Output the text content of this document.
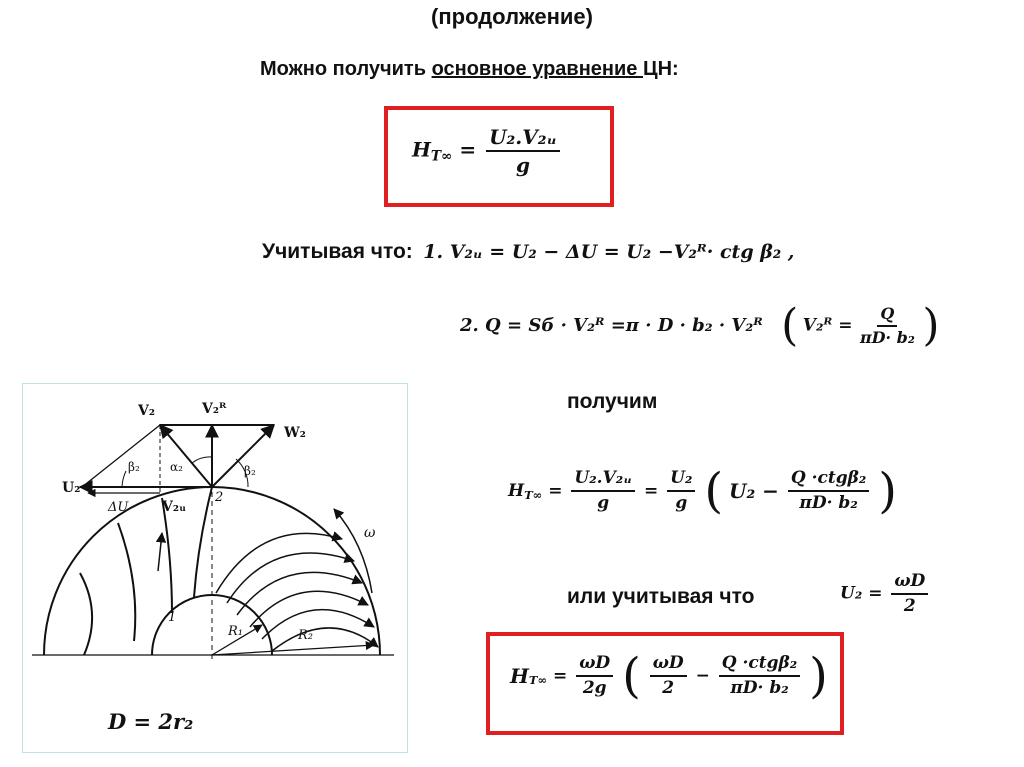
(продолжение)
Можно получить основное уравнение ЦН:
$H_{T\infty} = \frac{\text{U₂.V₂ᵤ}}{g}$
Учитывая что: 1. V₂ᵤ = U₂ − ΔU = U₂ −V₂ᴿ· ctg β₂ ,
2. Q = Sб · V₂ᴿ =π · D · b₂ · V₂ᴿ ( V₂ᴿ = $\frac{Q}{\text{πD· b₂}}$ )
получим
$H_{T\infty} = \frac{\text{U₂.V₂ᵤ}}{g} = \frac{\text{U₂}}{g}$ ( $U_2 - \frac{\text{Q ·ctgβ₂}}{\text{πD· b₂}}$ )
или учитывая что	$U_2 = \frac{\omega D}{2}$
$H_{T\infty} = \frac{\omega D}{2g}$ ( $\frac{\omega D}{2} - \frac{\text{Q ·ctgβ₂}}{\text{πD· b₂}}$ )
V₂	V₂ᴿ
W₂
U₂
β₂	α₂	β₂
ΔU V₂ᵤ
2
ω
1
R₁	R₂
D = 2r₂
